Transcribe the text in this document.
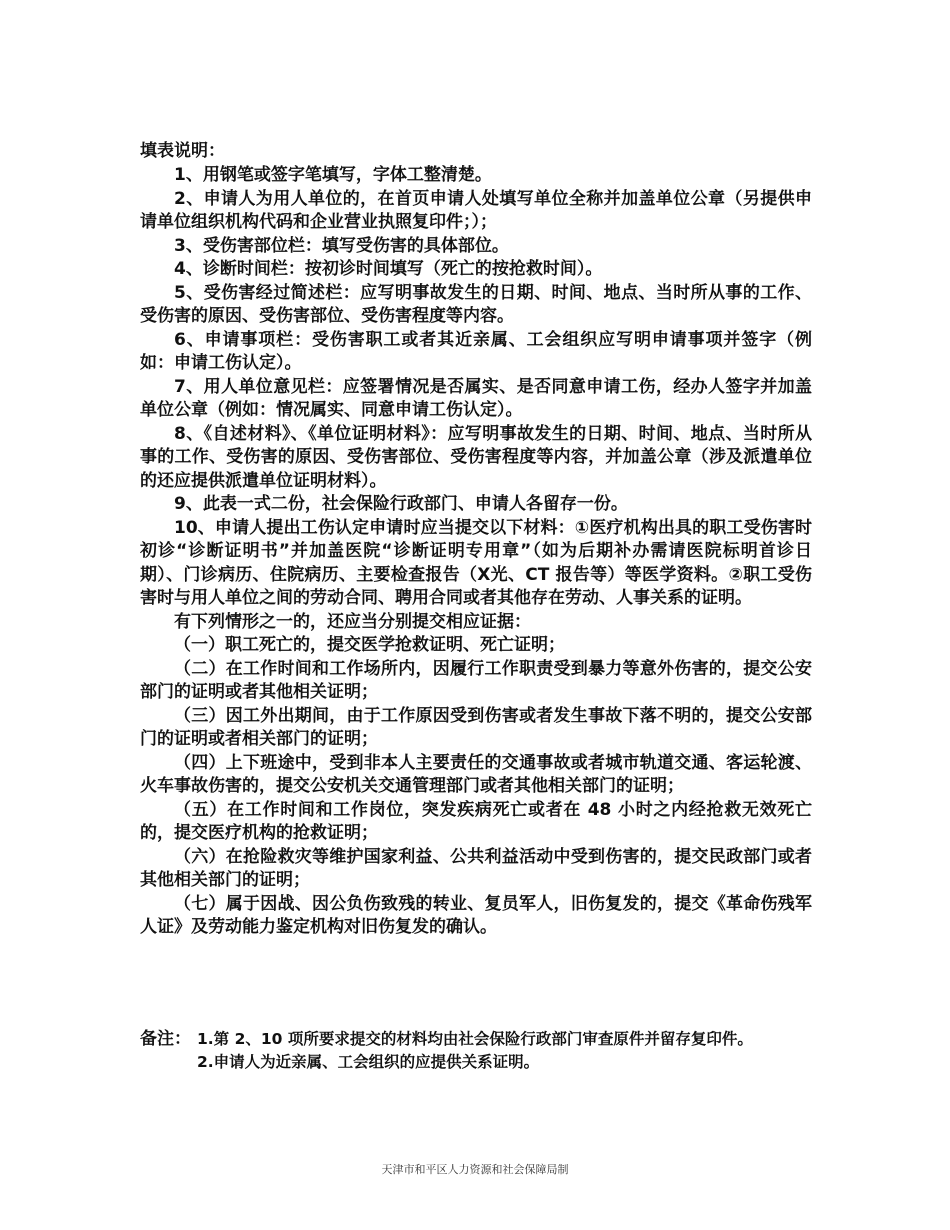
填表说明：

1、用钢笔或签字笔填写，字体工整清楚。

2、申请人为用人单位的，在首页申请人处填写单位全称并加盖单位公章（另提供申请单位组织机构代码和企业营业执照复印件；）；

3、受伤害部位栏：填写受伤害的具体部位。

4、诊断时间栏：按初诊时间填写（死亡的按抢救时间）。

5、受伤害经过简述栏：应写明事故发生的日期、时间、地点、当时所从事的工作、受伤害的原因、受伤害部位、受伤害程度等内容。

6、申请事项栏：受伤害职工或者其近亲属、工会组织应写明申请事项并签字（例如：申请工伤认定）。

7、用人单位意见栏：应签署情况是否属实、是否同意申请工伤，经办人签字并加盖单位公章（例如：情况属实、同意申请工伤认定）。

8、《自述材料》、《单位证明材料》：应写明事故发生的日期、时间、地点、当时所从事的工作、受伤害的原因、受伤害部位、受伤害程度等内容，并加盖公章（涉及派遣单位的还应提供派遣单位证明材料）。

9、此表一式二份，社会保险行政部门、申请人各留存一份。

10、申请人提出工伤认定申请时应当提交以下材料：①医疗机构出具的职工受伤害时初诊“诊断证明书”并加盖医院“诊断证明专用章”（如为后期补办需请医院标明首诊日期）、门诊病历、住院病历、主要检查报告（X光、CT 报告等）等医学资料。②职工受伤害时与用人单位之间的劳动合同、聘用合同或者其他存在劳动、人事关系的证明。

有下列情形之一的，还应当分别提交相应证据：

（一）职工死亡的，提交医学抢救证明、死亡证明；

（二）在工作时间和工作场所内，因履行工作职责受到暴力等意外伤害的，提交公安部门的证明或者其他相关证明；

（三）因工外出期间，由于工作原因受到伤害或者发生事故下落不明的，提交公安部门的证明或者相关部门的证明；

（四）上下班途中，受到非本人主要责任的交通事故或者城市轨道交通、客运轮渡、火车事故伤害的，提交公安机关交通管理部门或者其他相关部门的证明；

（五）在工作时间和工作岗位，突发疾病死亡或者在 48 小时之内经抢救无效死亡的，提交医疗机构的抢救证明；

（六）在抢险救灾等维护国家利益、公共利益活动中受到伤害的，提交民政部门或者其他相关部门的证明；

（七）属于因战、因公负伤致残的转业、复员军人，旧伤复发的，提交《革命伤残军人证》及劳动能力鉴定机构对旧伤复发的确认。

备注： 1.第 2、10 项所要求提交的材料均由社会保险行政部门审查原件并留存复印件。
2.申请人为近亲属、工会组织的应提供关系证明。
天津市和平区人力资源和社会保障局制
